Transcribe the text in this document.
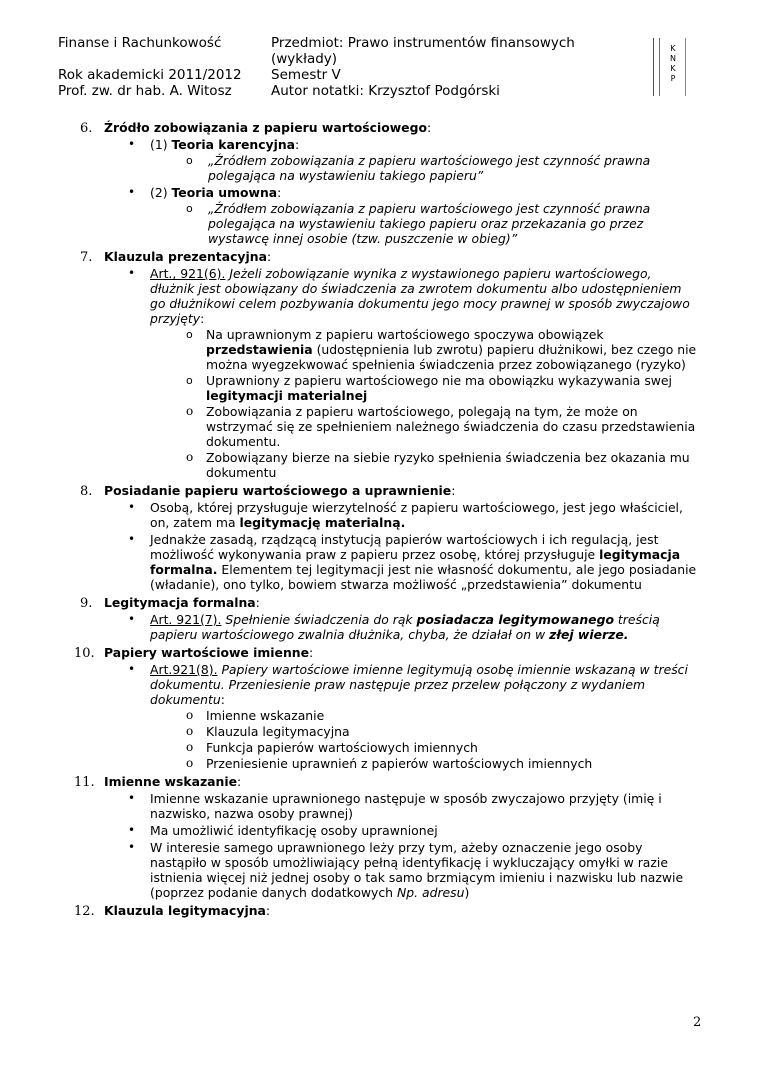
Finanse i Rachunkowość
Rok akademicki 2011/2012
Prof. zw. dr hab. A. Witosz
Przedmiot: Prawo instrumentów finansowych
(wykłady)
Semestr V
Autor notatki: Krzysztof Podgórski
K
N
K
P
6. Źródło zobowiązania z papieru wartościowego:
• (1) Teoria karencyjna:
o „Źródłem zobowiązania z papieru wartościowego jest czynność prawna polegająca na wystawieniu takiego papieru”
• (2) Teoria umowna:
o „Źródłem zobowiązania z papieru wartościowego jest czynność prawna polegająca na wystawieniu takiego papieru oraz przekazania go przez wystawcę innej osobie (tzw. puszczenie w obieg)”
7. Klauzula prezentacyjna:
• Art., 921(6). Jeżeli zobowiązanie wynika z wystawionego papieru wartościowego, dłużnik jest obowiązany do świadczenia za zwrotem dokumentu albo udostępnieniem go dłużnikowi celem pozbywania dokumentu jego mocy prawnej w sposób zwyczajowo przyjęty:
o Na uprawnionym z papieru wartościowego spoczywa obowiązek przedstawienia (udostępnienia lub zwrotu) papieru dłużnikowi, bez czego nie można wyegzekwować spełnienia świadczenia przez zobowiązanego (ryzyko)
o Uprawniony z papieru wartościowego nie ma obowiązku wykazywania swej legitymacji materialnej
o Zobowiązania z papieru wartościowego, polegają na tym, że może on wstrzymać się ze spełnieniem należnego świadczenia do czasu przedstawienia dokumentu.
o Zobowiązany bierze na siebie ryzyko spełnienia świadczenia bez okazania mu dokumentu
8. Posiadanie papieru wartościowego a uprawnienie:
• Osobą, której przysługuje wierzytelność z papieru wartościowego, jest jego właściciel, on, zatem ma legitymację materialną.
• Jednakże zasadą, rządzącą instytucją papierów wartościowych i ich regulacją, jest możliwość wykonywania praw z papieru przez osobę, której przysługuje legitymacja formalna. Elementem tej legitymacji jest nie własność dokumentu, ale jego posiadanie (władanie), ono tylko, bowiem stwarza możliwość „przedstawienia” dokumentu
9. Legitymacja formalna:
• Art. 921(7). Spełnienie świadczenia do rąk posiadacza legitymowanego treścią papieru wartościowego zwalnia dłużnika, chyba, że działał on w złej wierze.
10. Papiery wartościowe imienne:
• Art.921(8). Papiery wartościowe imienne legitymują osobę imiennie wskazaną w treści dokumentu. Przeniesienie praw następuje przez przelew połączony z wydaniem dokumentu:
o Imienne wskazanie
o Klauzula legitymacyjna
o Funkcja papierów wartościowych imiennych
o Przeniesienie uprawnień z papierów wartościowych imiennych
11. Imienne wskazanie:
• Imienne wskazanie uprawnionego następuje w sposób zwyczajowo przyjęty (imię i nazwisko, nazwa osoby prawnej)
• Ma umożliwić identyfikację osoby uprawnionej
• W interesie samego uprawnionego leży przy tym, ażeby oznaczenie jego osoby nastąpiło w sposób umożliwiający pełną identyfikację i wykluczający omyłki w razie istnienia więcej niż jednej osoby o tak samo brzmiącym imieniu i nazwisku lub nazwie (poprzez podanie danych dodatkowych Np. adresu)
12. Klauzula legitymacyjna:
2
